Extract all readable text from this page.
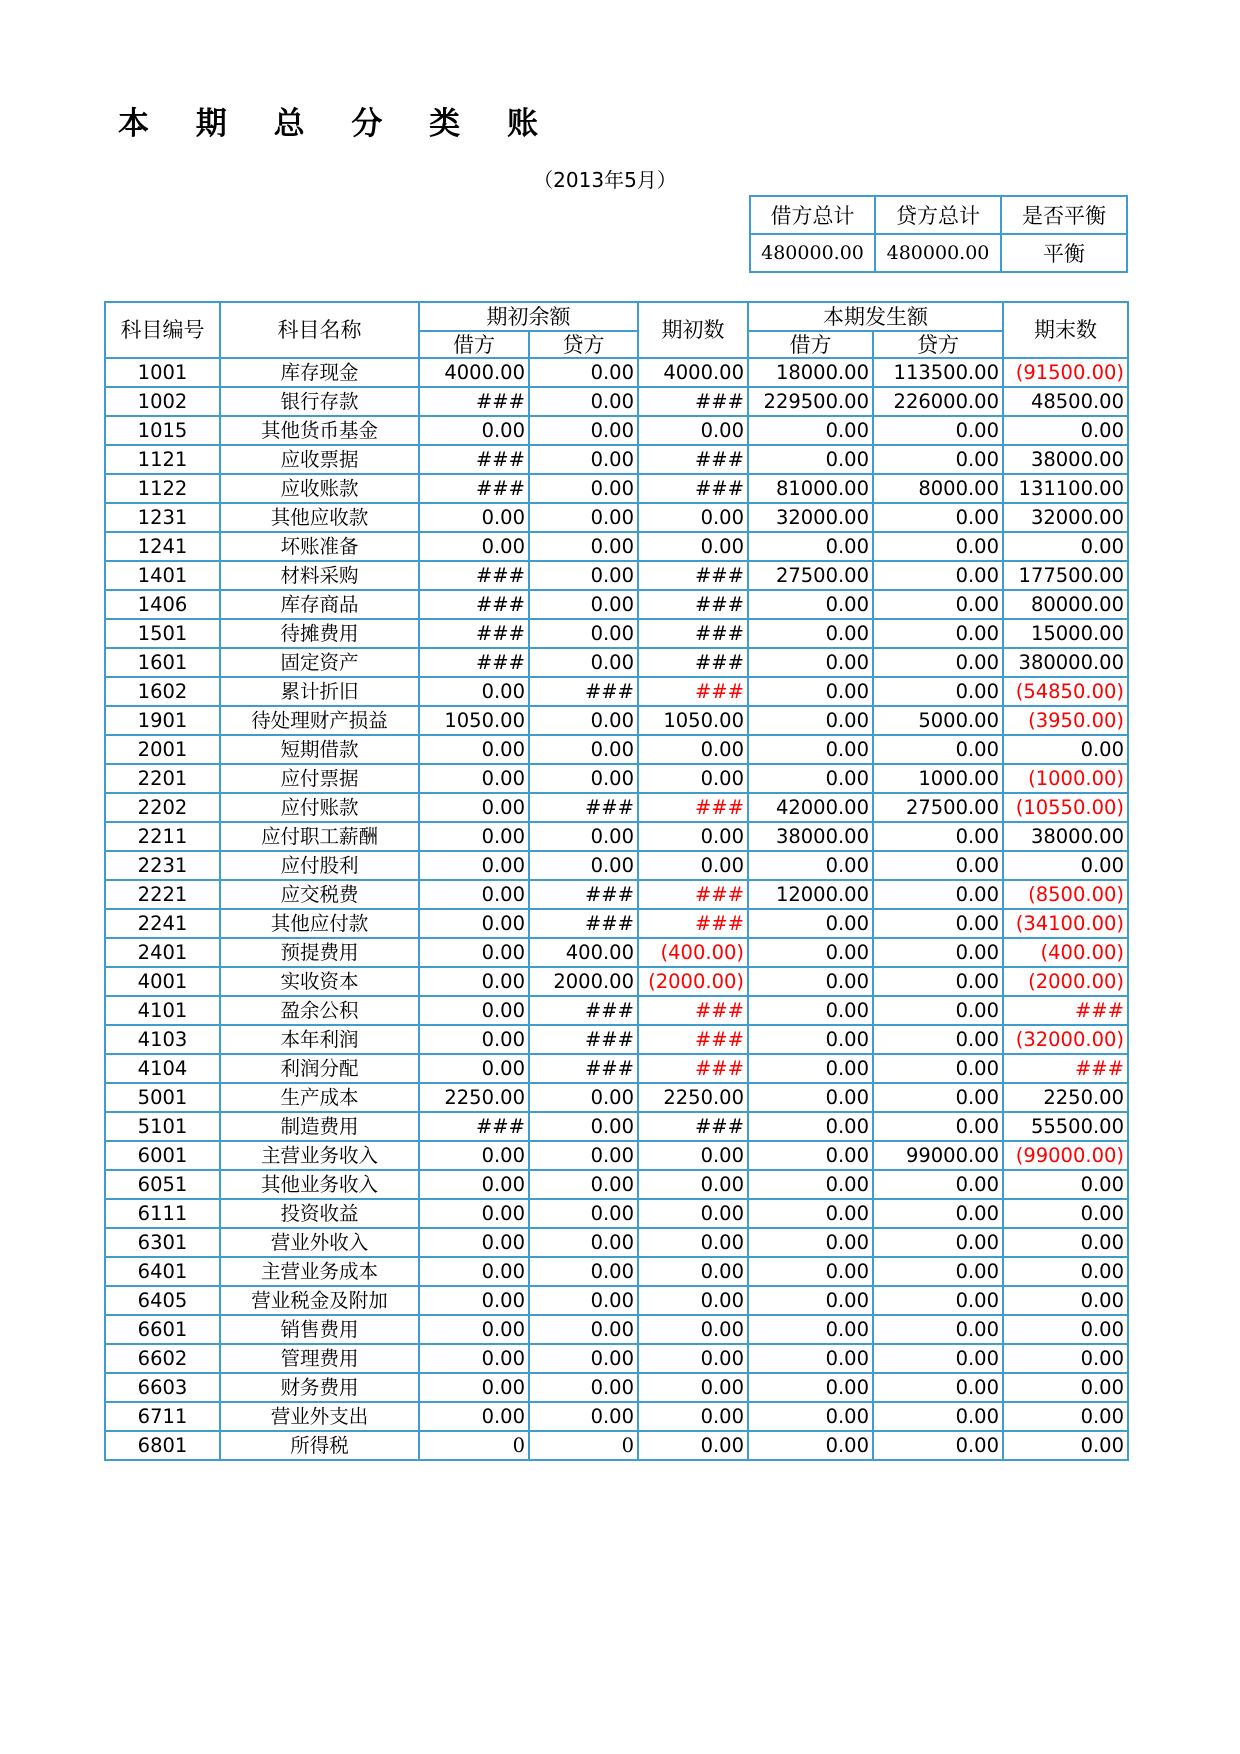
本 期 总 分 类 账
（2013年5月）
借方总计	贷方总计	是否平衡
480000.00	480000.00	平衡
科目编号	科目名称	期初余额		期初数	本期发生额		期末数
		借方	贷方		借方	贷方	
1001	库存现金	4000.00	0.00	4000.00	18000.00	113500.00	(91500.00)
1002	银行存款	###	0.00	###	229500.00	226000.00	48500.00
1015	其他货币基金	0.00	0.00	0.00	0.00	0.00	0.00
1121	应收票据	###	0.00	###	0.00	0.00	38000.00
1122	应收账款	###	0.00	###	81000.00	8000.00	131100.00
1231	其他应收款	0.00	0.00	0.00	32000.00	0.00	32000.00
1241	坏账准备	0.00	0.00	0.00	0.00	0.00	0.00
1401	材料采购	###	0.00	###	27500.00	0.00	177500.00
1406	库存商品	###	0.00	###	0.00	0.00	80000.00
1501	待摊费用	###	0.00	###	0.00	0.00	15000.00
1601	固定资产	###	0.00	###	0.00	0.00	380000.00
1602	累计折旧	0.00	###	###	0.00	0.00	(54850.00)
1901	待处理财产损益	1050.00	0.00	1050.00	0.00	5000.00	(3950.00)
2001	短期借款	0.00	0.00	0.00	0.00	0.00	0.00
2201	应付票据	0.00	0.00	0.00	0.00	1000.00	(1000.00)
2202	应付账款	0.00	###	###	42000.00	27500.00	(10550.00)
2211	应付职工薪酬	0.00	0.00	0.00	38000.00	0.00	38000.00
2231	应付股利	0.00	0.00	0.00	0.00	0.00	0.00
2221	应交税费	0.00	###	###	12000.00	0.00	(8500.00)
2241	其他应付款	0.00	###	###	0.00	0.00	(34100.00)
2401	预提费用	0.00	400.00	(400.00)	0.00	0.00	(400.00)
4001	实收资本	0.00	2000.00	(2000.00)	0.00	0.00	(2000.00)
4101	盈余公积	0.00	###	###	0.00	0.00	###
4103	本年利润	0.00	###	###	0.00	0.00	(32000.00)
4104	利润分配	0.00	###	###	0.00	0.00	###
5001	生产成本	2250.00	0.00	2250.00	0.00	0.00	2250.00
5101	制造费用	###	0.00	###	0.00	0.00	55500.00
6001	主营业务收入	0.00	0.00	0.00	0.00	99000.00	(99000.00)
6051	其他业务收入	0.00	0.00	0.00	0.00	0.00	0.00
6111	投资收益	0.00	0.00	0.00	0.00	0.00	0.00
6301	营业外收入	0.00	0.00	0.00	0.00	0.00	0.00
6401	主营业务成本	0.00	0.00	0.00	0.00	0.00	0.00
6405	营业税金及附加	0.00	0.00	0.00	0.00	0.00	0.00
6601	销售费用	0.00	0.00	0.00	0.00	0.00	0.00
6602	管理费用	0.00	0.00	0.00	0.00	0.00	0.00
6603	财务费用	0.00	0.00	0.00	0.00	0.00	0.00
6711	营业外支出	0.00	0.00	0.00	0.00	0.00	0.00
6801	所得税	0	0	0.00	0.00	0.00	0.00
